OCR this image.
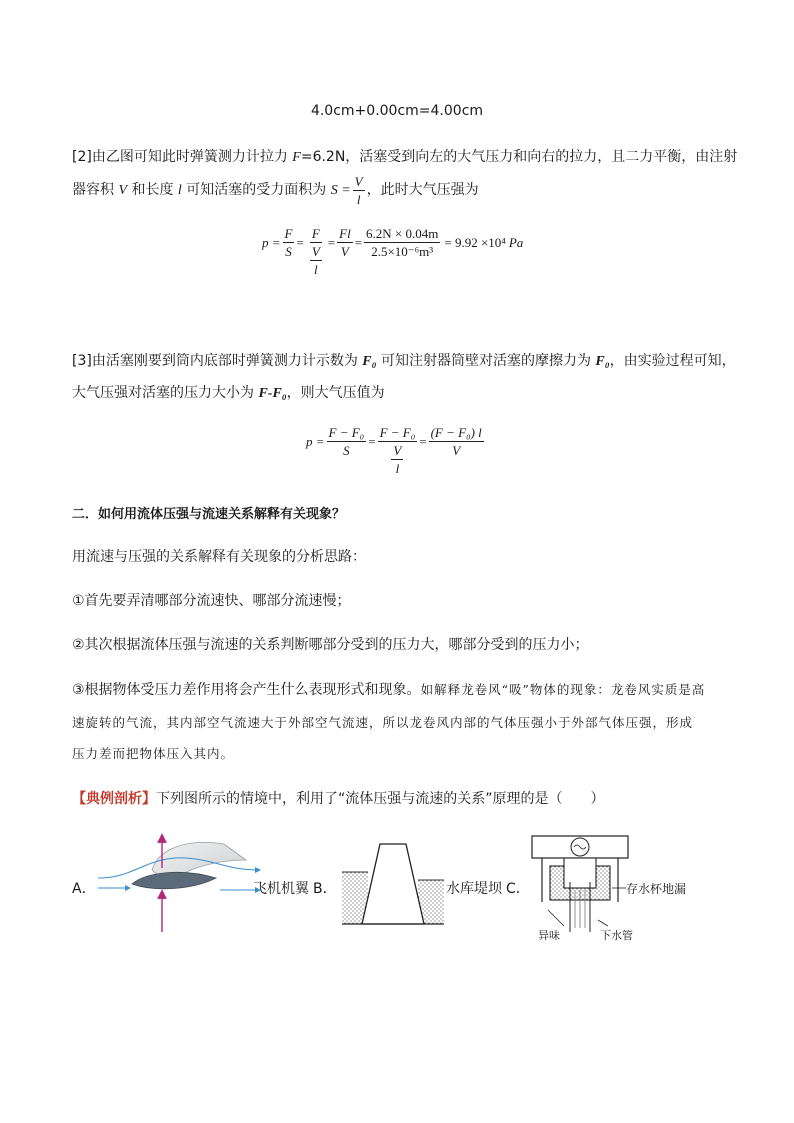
4.0cm+0.00cm=4.00cm
[2]由乙图可知此时弹簧测力计拉力 F=6.2N，活塞受到向左的大气压力和向右的拉力，且二力平衡，由注射
器容积 V 和长度 l 可知活塞的受力面积为 $S = \frac{V}{l}$ ，此时大气压强为
$p = \frac{F}{S} = \frac{F}{\frac{V}{l}} = \frac{Fl}{V} = \frac{6.2N \times 0.04m}{\text{2.5×10⁻⁶m³}} = 9.92 \times 10^4$ Pa
[3]由活塞刚要到筒内底部时弹簧测力计示数为 F₀ 可知注射器筒壁对活塞的摩擦力为 F₀，由实验过程可知，
大气压强对活塞的压力大小为 F-F₀，则大气压值为
$p = \frac{\text{F − F₀}}{S} = \frac{\text{F − F₀}}{\frac{V}{l}} = \frac{\text{(F − F₀) l}}{V}$
二．如何用流体压强与流速关系解释有关现象？
用流速与压强的关系解释有关现象的分析思路：
①首先要弄清哪部分流速快、哪部分流速慢；
②其次根据流体压强与流速的关系判断哪部分受到的压力大，哪部分受到的压力小；
③根据物体受压力差作用将会产生什么表现形式和现象。如解释龙卷风“吸”物体的现象：龙卷风实质是高
速旋转的气流，其内部空气流速大于外部空气流速，所以龙卷风内部的气体压强小于外部气体压强，形成
压力差而把物体压入其内。
【典例剖析】下列图所示的情境中，利用了“流体压强与流速的关系”原理的是（　　）
A．	飞机机翼 B．	水库堤坝 C．	存水杯地漏
异味	下水管
